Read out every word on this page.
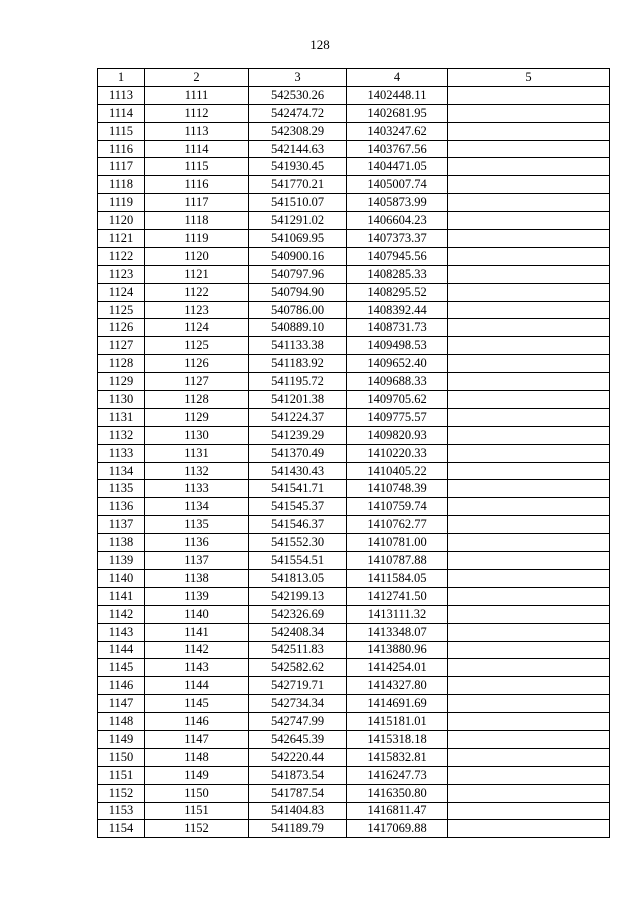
128
1	2	3	4	5
1113	1111	542530.26	1402448.11	
1114	1112	542474.72	1402681.95	
1115	1113	542308.29	1403247.62	
1116	1114	542144.63	1403767.56	
1117	1115	541930.45	1404471.05	
1118	1116	541770.21	1405007.74	
1119	1117	541510.07	1405873.99	
1120	1118	541291.02	1406604.23	
1121	1119	541069.95	1407373.37	
1122	1120	540900.16	1407945.56	
1123	1121	540797.96	1408285.33	
1124	1122	540794.90	1408295.52	
1125	1123	540786.00	1408392.44	
1126	1124	540889.10	1408731.73	
1127	1125	541133.38	1409498.53	
1128	1126	541183.92	1409652.40	
1129	1127	541195.72	1409688.33	
1130	1128	541201.38	1409705.62	
1131	1129	541224.37	1409775.57	
1132	1130	541239.29	1409820.93	
1133	1131	541370.49	1410220.33	
1134	1132	541430.43	1410405.22	
1135	1133	541541.71	1410748.39	
1136	1134	541545.37	1410759.74	
1137	1135	541546.37	1410762.77	
1138	1136	541552.30	1410781.00	
1139	1137	541554.51	1410787.88	
1140	1138	541813.05	1411584.05	
1141	1139	542199.13	1412741.50	
1142	1140	542326.69	1413111.32	
1143	1141	542408.34	1413348.07	
1144	1142	542511.83	1413880.96	
1145	1143	542582.62	1414254.01	
1146	1144	542719.71	1414327.80	
1147	1145	542734.34	1414691.69	
1148	1146	542747.99	1415181.01	
1149	1147	542645.39	1415318.18	
1150	1148	542220.44	1415832.81	
1151	1149	541873.54	1416247.73	
1152	1150	541787.54	1416350.80	
1153	1151	541404.83	1416811.47	
1154	1152	541189.79	1417069.88	
